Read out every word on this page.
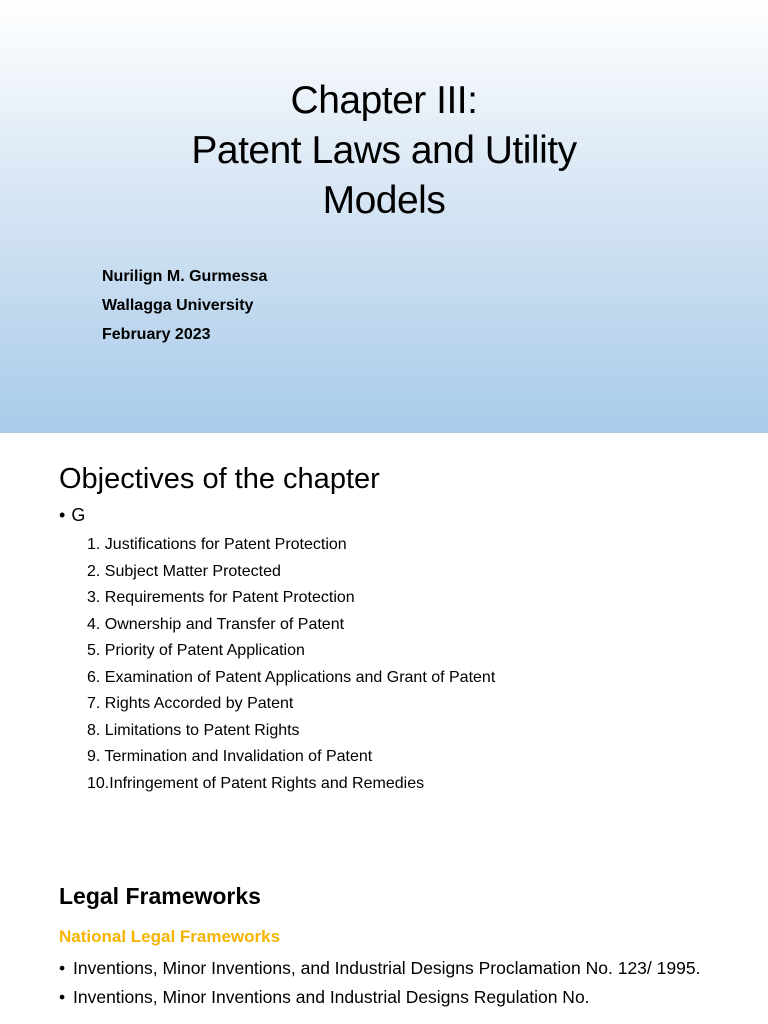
Chapter III:
Patent Laws and Utility
Models
Nurilign M. Gurmessa
Wallagga University
February 2023
Objectives of the chapter
• G
1. Justifications for Patent Protection
2. Subject Matter Protected
3. Requirements for Patent Protection
4. Ownership and Transfer of Patent
5. Priority of Patent Application
6. Examination of Patent Applications and Grant of Patent
7. Rights Accorded by Patent
8. Limitations to Patent Rights
9. Termination and Invalidation of Patent
10.Infringement of Patent Rights and Remedies
Legal Frameworks
National Legal Frameworks
• Inventions, Minor Inventions, and Industrial Designs Proclamation No. 123/ 1995.
• Inventions, Minor Inventions and Industrial Designs Regulation No.
